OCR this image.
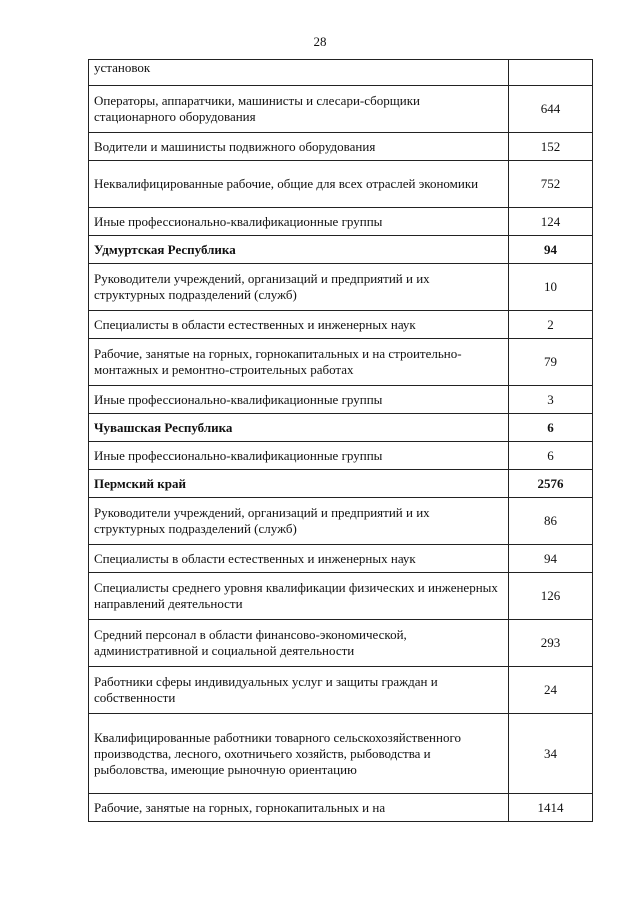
28
установок	
Операторы, аппаратчики, машинисты и слесари-сборщики стационарного оборудования	644
Водители и машинисты подвижного оборудования	152
Неквалифицированные рабочие, общие для всех отраслей экономики	752
Иные профессионально-квалификационные группы	124
Удмуртская Республика	94
Руководители учреждений, организаций и предприятий и их структурных подразделений (служб)	10
Специалисты в области естественных и инженерных наук	2
Рабочие, занятые на горных, горнокапитальных и на строительно-монтажных и ремонтно-строительных работах	79
Иные профессионально-квалификационные группы	3
Чувашская Республика	6
Иные профессионально-квалификационные группы	6
Пермский край	2576
Руководители учреждений, организаций и предприятий и их структурных подразделений (служб)	86
Специалисты в области естественных и инженерных наук	94
Специалисты среднего уровня квалификации физических и инженерных направлений деятельности	126
Средний персонал в области финансово-экономической, административной и социальной деятельности	293
Работники сферы индивидуальных услуг и защиты граждан и собственности	24
Квалифицированные работники товарного сельскохозяйственного производства, лесного, охотничьего хозяйств, рыбоводства и рыболовства, имеющие рыночную ориентацию	34
Рабочие, занятые на горных, горнокапитальных и на	1414
